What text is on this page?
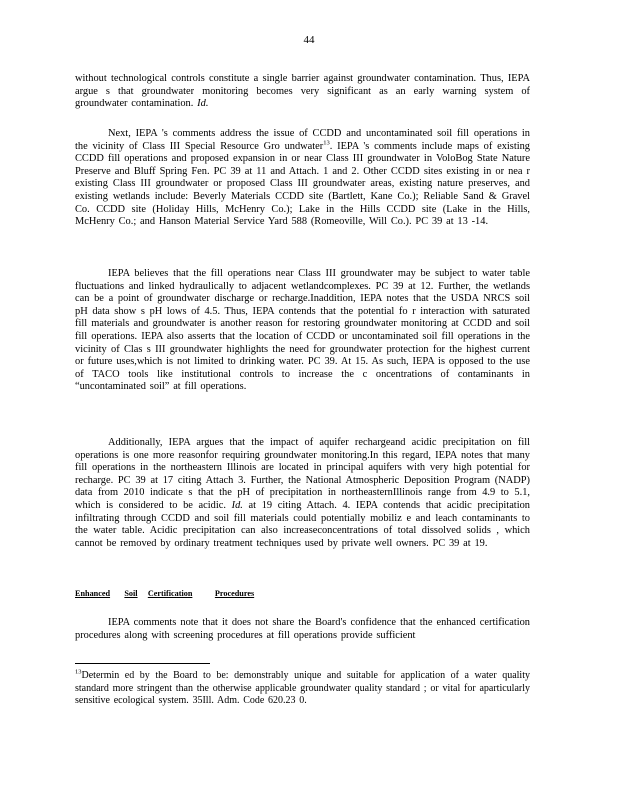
44

without technological controls constitute a single barrier against groundwater contamination. Thus, IEPA argue s that groundwater monitoring becomes very significant as an early warning system of groundwater contamination. Id.

Next, IEPA 's comments address the issue of CCDD and uncontaminated soil fill operations in the vicinity of Class III Special Resource Gro undwater$^{13}$. IEPA 's comments include maps of existing CCDD fill operations and proposed expansion in or near Class III groundwater in VoloBog State Nature Preserve and Bluff Spring Fen. PC 39 at 11 and Attach. 1 and 2. Other CCDD sites existing in or nea r existing Class III groundwater or proposed Class III groundwater areas, existing nature preserves, and existing wetlands include: Beverly Materials CCDD site (Bartlett, Kane Co.); Reliable Sand & Gravel Co. CCDD site (Holiday Hills, McHenry Co.); Lake in the Hills CCDD site (Lake in the Hills, McHenry Co.; and Hanson Material Service Yard 588 (Romeoville, Will Co.). PC 39 at 13 -14.

IEPA believes that the fill operations near Class III groundwater may be subject to water table fluctuations and linked hydraulically to adjacent wetlandcomplexes. PC 39 at 12. Further, the wetlands can be a point of groundwater discharge or recharge.Inaddition, IEPA notes that the USDA NRCS soil pH data show s pH lows of 4.5. Thus, IEPA contends that the potential fo r interaction with saturated fill materials and groundwater is another reason for restoring groundwater monitoring at CCDD and soil fill operations. IEPA also asserts that the location of CCDD or uncontaminated soil fill operations in the vicinity of Clas s III groundwater highlights the need for groundwater protection for the highest current or future uses,which is not limited to drinking water. PC 39. At 15. As such, IEPA is opposed to the use of TACO tools like institutional controls to increase the c oncentrations of contaminants in “uncontaminated soil” at fill operations.

Additionally, IEPA argues that the impact of aquifer rechargeand acidic precipitation on fill operations is one more reasonfor requiring groundwater monitoring.In this regard, IEPA notes that many fill operations in the northeastern Illinois are located in principal aquifers with very high potential for recharge. PC 39 at 17 citing Attach 3. Further, the National Atmospheric Deposition Program (NADP) data from 2010 indicate s that the pH of precipitation in northeasternIllinois range from 4.9 to 5.1, which is considered to be acidic. Id. at 19 citing Attach. 4. IEPA contends that acidic precipitation infiltrating through CCDD and soil fill materials could potentially mobiliz e and leach contaminants to the water table. Acidic precipitation can also increaseconcentrations of total dissolved solids , which cannot be removed by ordinary treatment techniques used by private well owners. PC 39 at 19.

Enhanced Soil Certification	Procedures

IEPA comments note that it does not share the Board's confidence that the enhanced certification procedures along with screening procedures at fill operations provide sufficient

$^{13}$Determin ed by the Board to be: demonstrably unique and suitable for application of a water quality standard more stringent than the otherwise applicable groundwater quality standard ; or vital for aparticularly sensitive ecological system. 35Ill. Adm. Code 620.23 0.
